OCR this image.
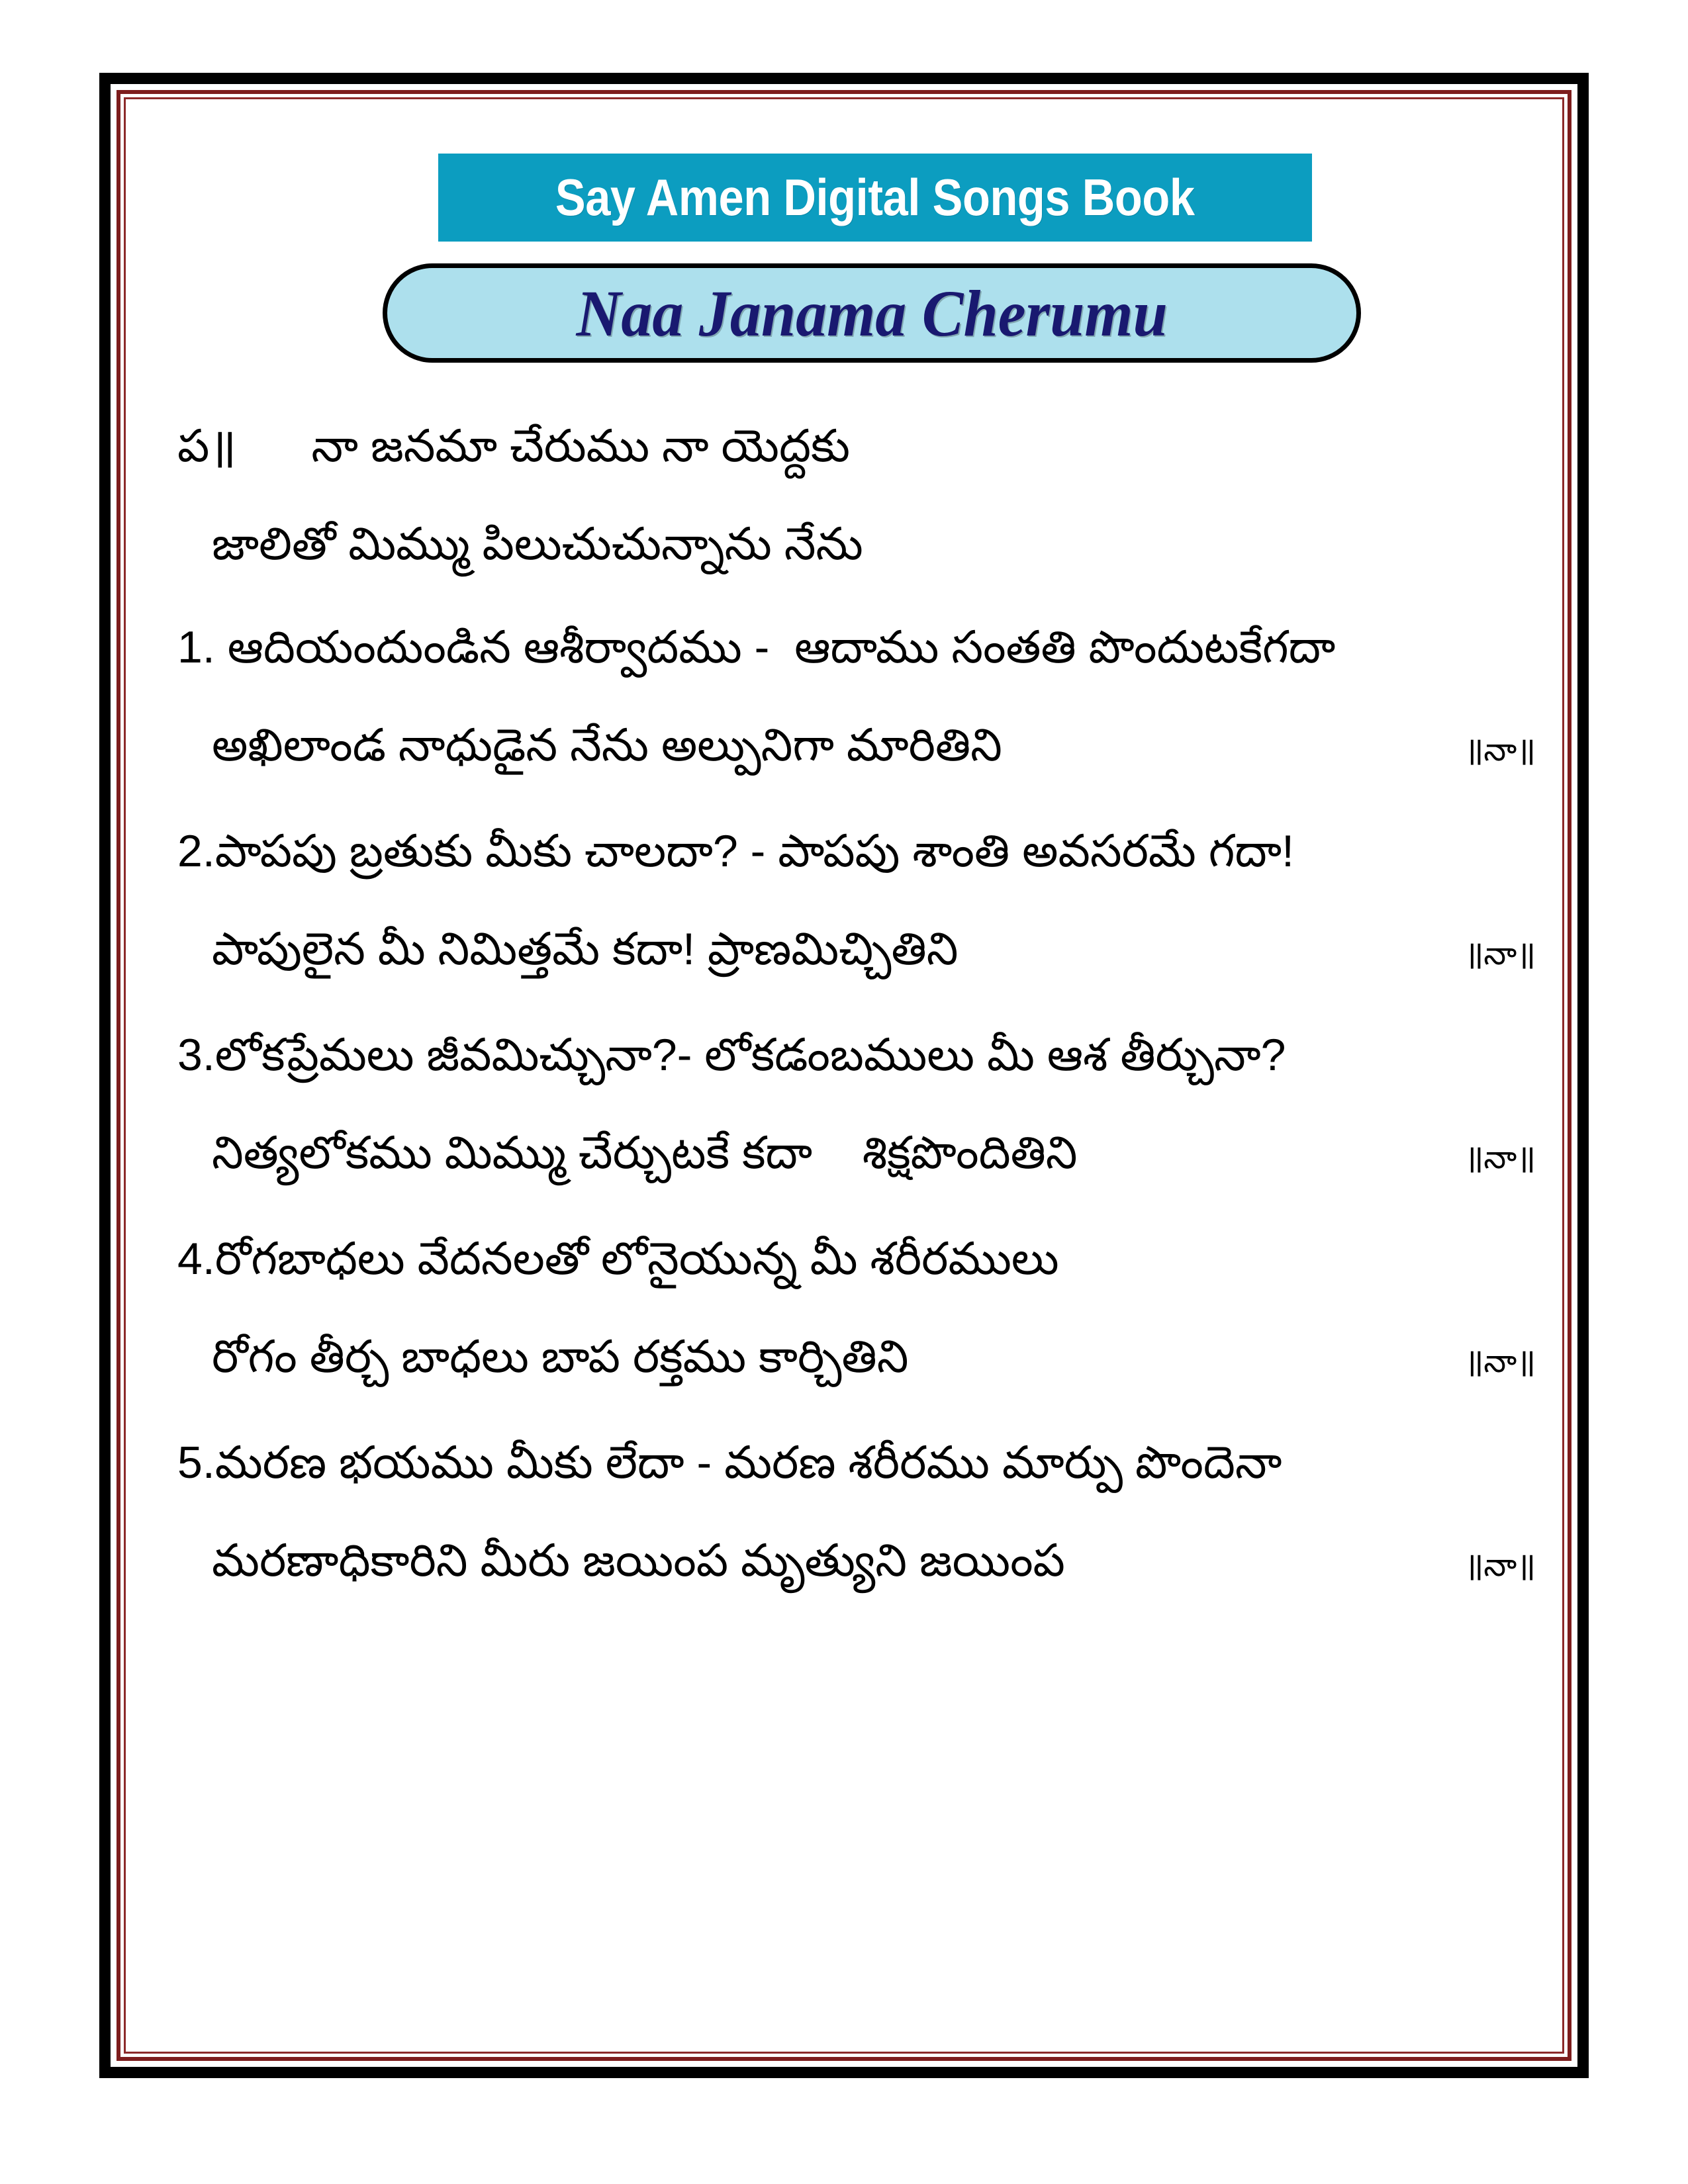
Say Amen Digital Songs Book
Naa Janama Cherumu
ప॥      నా జనమా చేరుము నా యెద్దకు
జాలితో మిమ్ము పిలుచుచున్నాను నేను
1. ఆదియందుండిన ఆశీర్వాదము -  ఆదాము సంతతి పొందుటకేగదా
అఖిలాండ నాధుడైన నేను అల్పునిగా మారితిని	॥నా॥
2.పాపపు బ్రతుకు మీకు చాలదా? - పాపపు శాంతి అవసరమే గదా!
పాపులైన మీ నిమిత్తమే కదా! ప్రాణమిచ్చితిని	॥నా॥
3.లోకప్రేమలు జీవమిచ్చునా?- లోకడంబములు మీ ఆశ తీర్చునా?
నిత్యలోకము మిమ్ము చేర్చుటకే కదా    శిక్షపొందితిని	॥నా॥
4.రోగబాధలు వేదనలతో లోనైయున్న మీ శరీరములు
రోగం తీర్చ బాధలు బాప రక్తము కార్చితిని	॥నా॥
5.మరణ భయము మీకు లేదా - మరణ శరీరము మార్పు పొందెనా
మరణాధికారిని మీరు జయింప మృత్యుని జయింప	॥నా॥
